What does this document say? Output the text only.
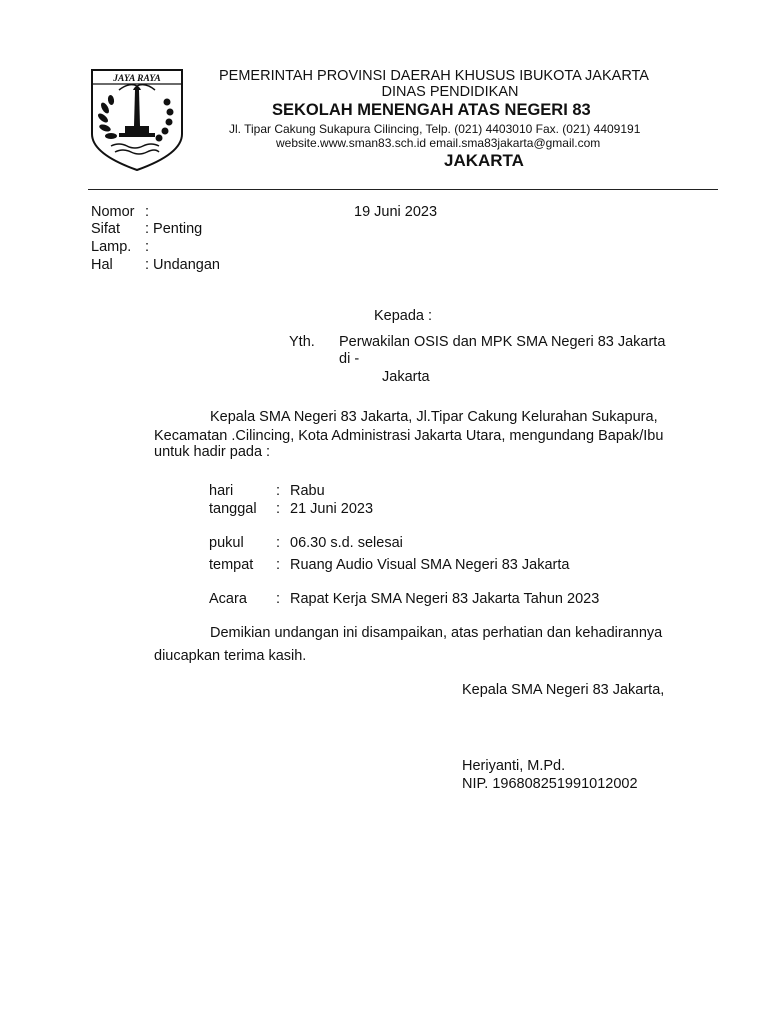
JAYA RAYA	PEMERINTAH PROVINSI DAERAH KHUSUS IBUKOTA JAKARTA
DINAS PENDIDIKAN
SEKOLAH MENENGAH ATAS NEGERI 83
Jl. Tipar Cakung Sukapura Cilincing, Telp. (021) 4403010 Fax. (021) 4409191
website.www.sman83.sch.id email.sma83jakarta@gmail.com
JAKARTA
Nomor :	19 Juni 2023
Sifat : Penting
Lamp. :
Hal : Undangan
Kepada :
Yth. Perwakilan OSIS dan MPK SMA Negeri 83 Jakarta
di -
Jakarta
Kepala SMA Negeri 83 Jakarta, Jl.Tipar Cakung Kelurahan Sukapura,
Kecamatan .Cilincing, Kota Administrasi Jakarta Utara, mengundang Bapak/Ibu
untuk hadir pada :
hari	: Rabu
tanggal : 21 Juni 2023
pukul : 06.30 s.d. selesai
tempat : Ruang Audio Visual SMA Negeri 83 Jakarta
Acara : Rapat Kerja SMA Negeri 83 Jakarta Tahun 2023
Demikian undangan ini disampaikan, atas perhatian dan kehadirannya
diucapkan terima kasih.
Kepala SMA Negeri 83 Jakarta,
Heriyanti, M.Pd.
NIP. 196808251991012002
